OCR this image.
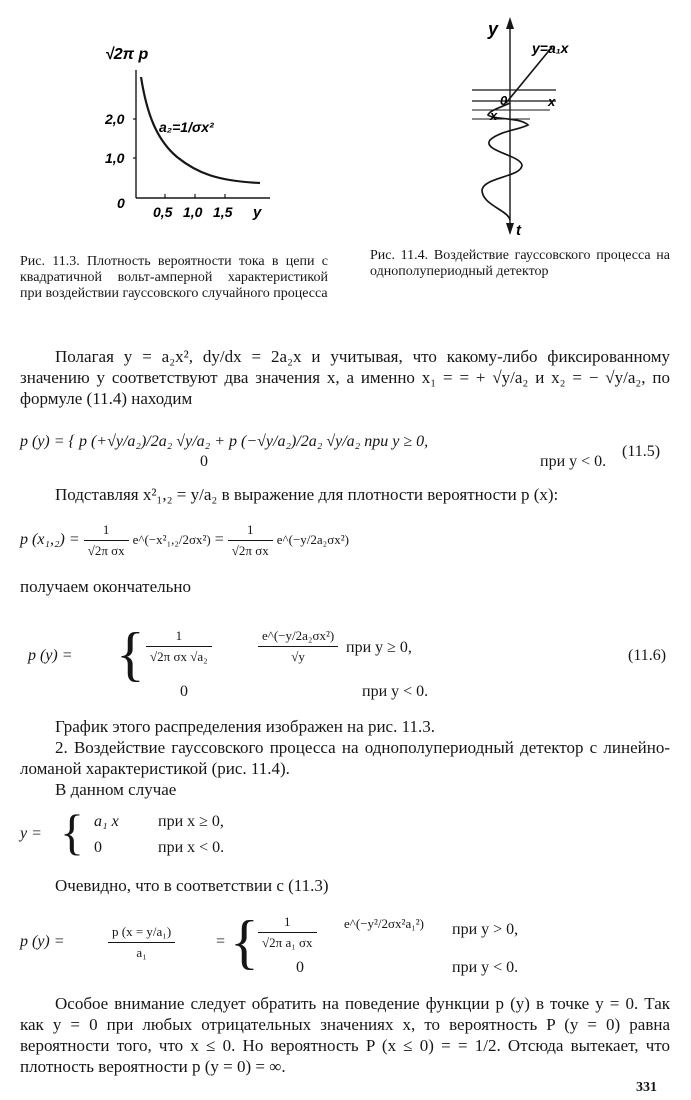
√2π p
2,0
1,0
0
0,5 1,0 1,5 y
a₂=1/σx²
y
y=a₁x
0
x
x
t
Рис. 11.3. Плотность вероятности тока в цепи с квадратичной вольт-амперной характеристикой при воздействии гауссовского случайного процесса
Рис. 11.4. Воздействие гауссовского процесса на однополупериодный детектор
Полагая y = a₂x², dy/dx = 2a₂x и учитывая, что какому-либо фиксированному значению y соответствуют два значения x, а именно x₁ = = + √y/a₂ и x₂ = − √y/a₂, по формуле (11.4) находим
p (y) = { p (+√y/a₂)/2a₂ √y/a₂ + p (−√y/a₂)/2a₂ √y/a₂ при y ≥ 0,
0	при y < 0.
(11.5)
Подставляя x²₁,₂ = y/a₂ в выражение для плотности вероятности p (x):
p $(x_1,_2) = \frac{1}{\text{√2π σx}}$ e^(−x²₁,₂/2σx²) = $\frac{1}{\text{√2π σx}}$ e^(−y/2a₂σx²)
получаем окончательно
p (y) = { $\frac{1}{\text{√2π σx √a₂}}$	$\frac{\text{e\textasciicircum{}(−y/2a₂σx²)}}{√y}$ при y ≥ 0,
0	при y < 0.
(11.6)
График этого распределения изображен на рис. 11.3.
2. Воздействие гауссовского процесса на однополупериодный детектор с линейно-ломаной характеристикой (рис. 11.4).
В данном случае
y = { a₁ x при x ≥ 0,
0	при x < 0.
Очевидно, что в соответствии с (11.3)
p (y) =	$\frac{\text{p (x = y/a₁)}}{\text{a₁}}$	= { $\frac{1}{\text{√2π a₁ σx}}$ e^(−y²/2σx²a₁²) при y > 0,
0	при y < 0.
Особое внимание следует обратить на поведение функции p (y) в точке y = 0. Так как y = 0 при любых отрицательных значениях x, то вероятность P (y = 0) равна вероятности того, что x ≤ 0. Но вероятность P (x ≤ 0) = = 1/2. Отсюда вытекает, что плотность вероятности p (y = 0) = ∞.
331
